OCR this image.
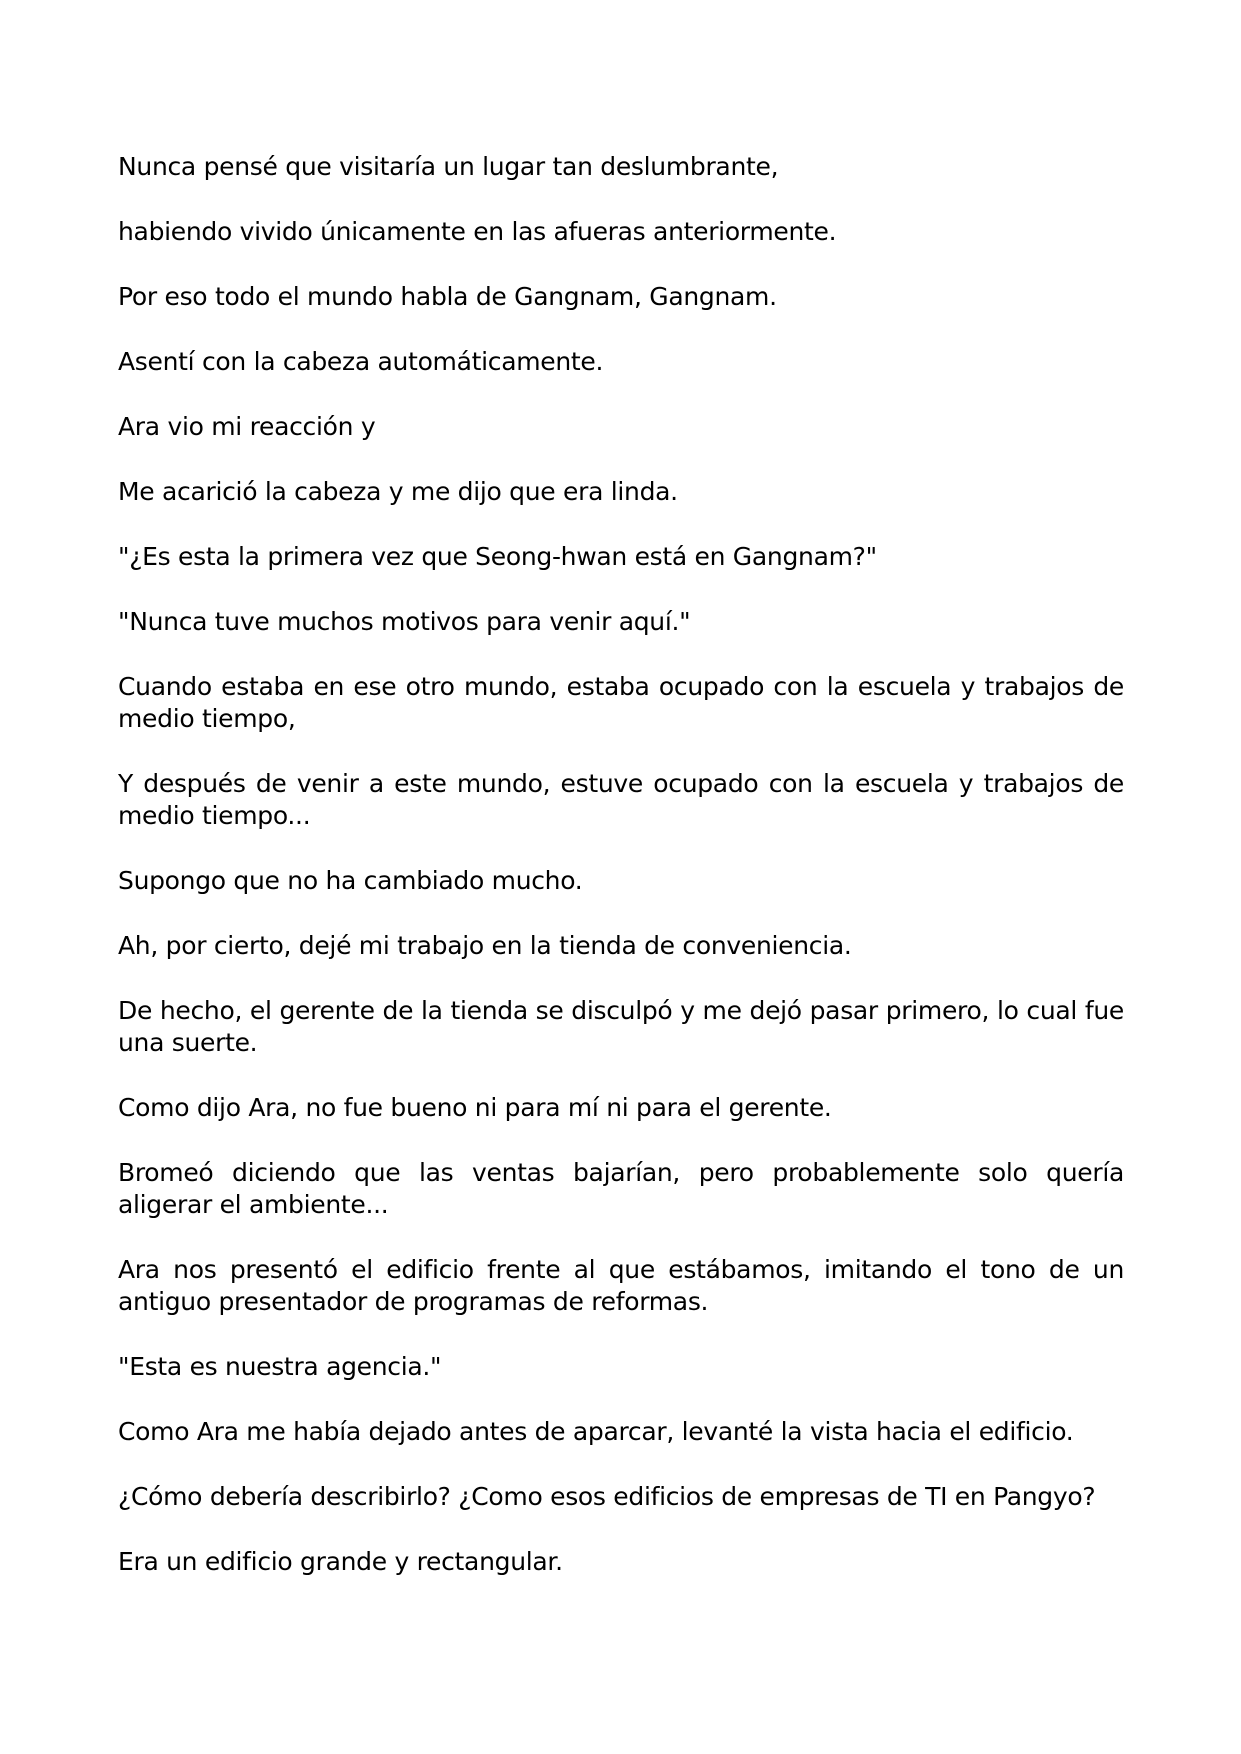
Nunca pensé que visitaría un lugar tan deslumbrante,

habiendo vivido únicamente en las afueras anteriormente.

Por eso todo el mundo habla de Gangnam, Gangnam.

Asentí con la cabeza automáticamente.

Ara vio mi reacción y

Me acarició la cabeza y me dijo que era linda.

"¿Es esta la primera vez que Seong-hwan está en Gangnam?"

"Nunca tuve muchos motivos para venir aquí."

Cuando estaba en ese otro mundo, estaba ocupado con la escuela y trabajos de medio tiempo,

Y después de venir a este mundo, estuve ocupado con la escuela y trabajos de medio tiempo...

Supongo que no ha cambiado mucho.

Ah, por cierto, dejé mi trabajo en la tienda de conveniencia.

De hecho, el gerente de la tienda se disculpó y me dejó pasar primero, lo cual fue una suerte.

Como dijo Ara, no fue bueno ni para mí ni para el gerente.

Bromeó diciendo que las ventas bajarían, pero probablemente solo quería aligerar el ambiente...

Ara nos presentó el edificio frente al que estábamos, imitando el tono de un antiguo presentador de programas de reformas.

"Esta es nuestra agencia."

Como Ara me había dejado antes de aparcar, levanté la vista hacia el edificio.

¿Cómo debería describirlo? ¿Como esos edificios de empresas de TI en Pangyo?

Era un edificio grande y rectangular.
